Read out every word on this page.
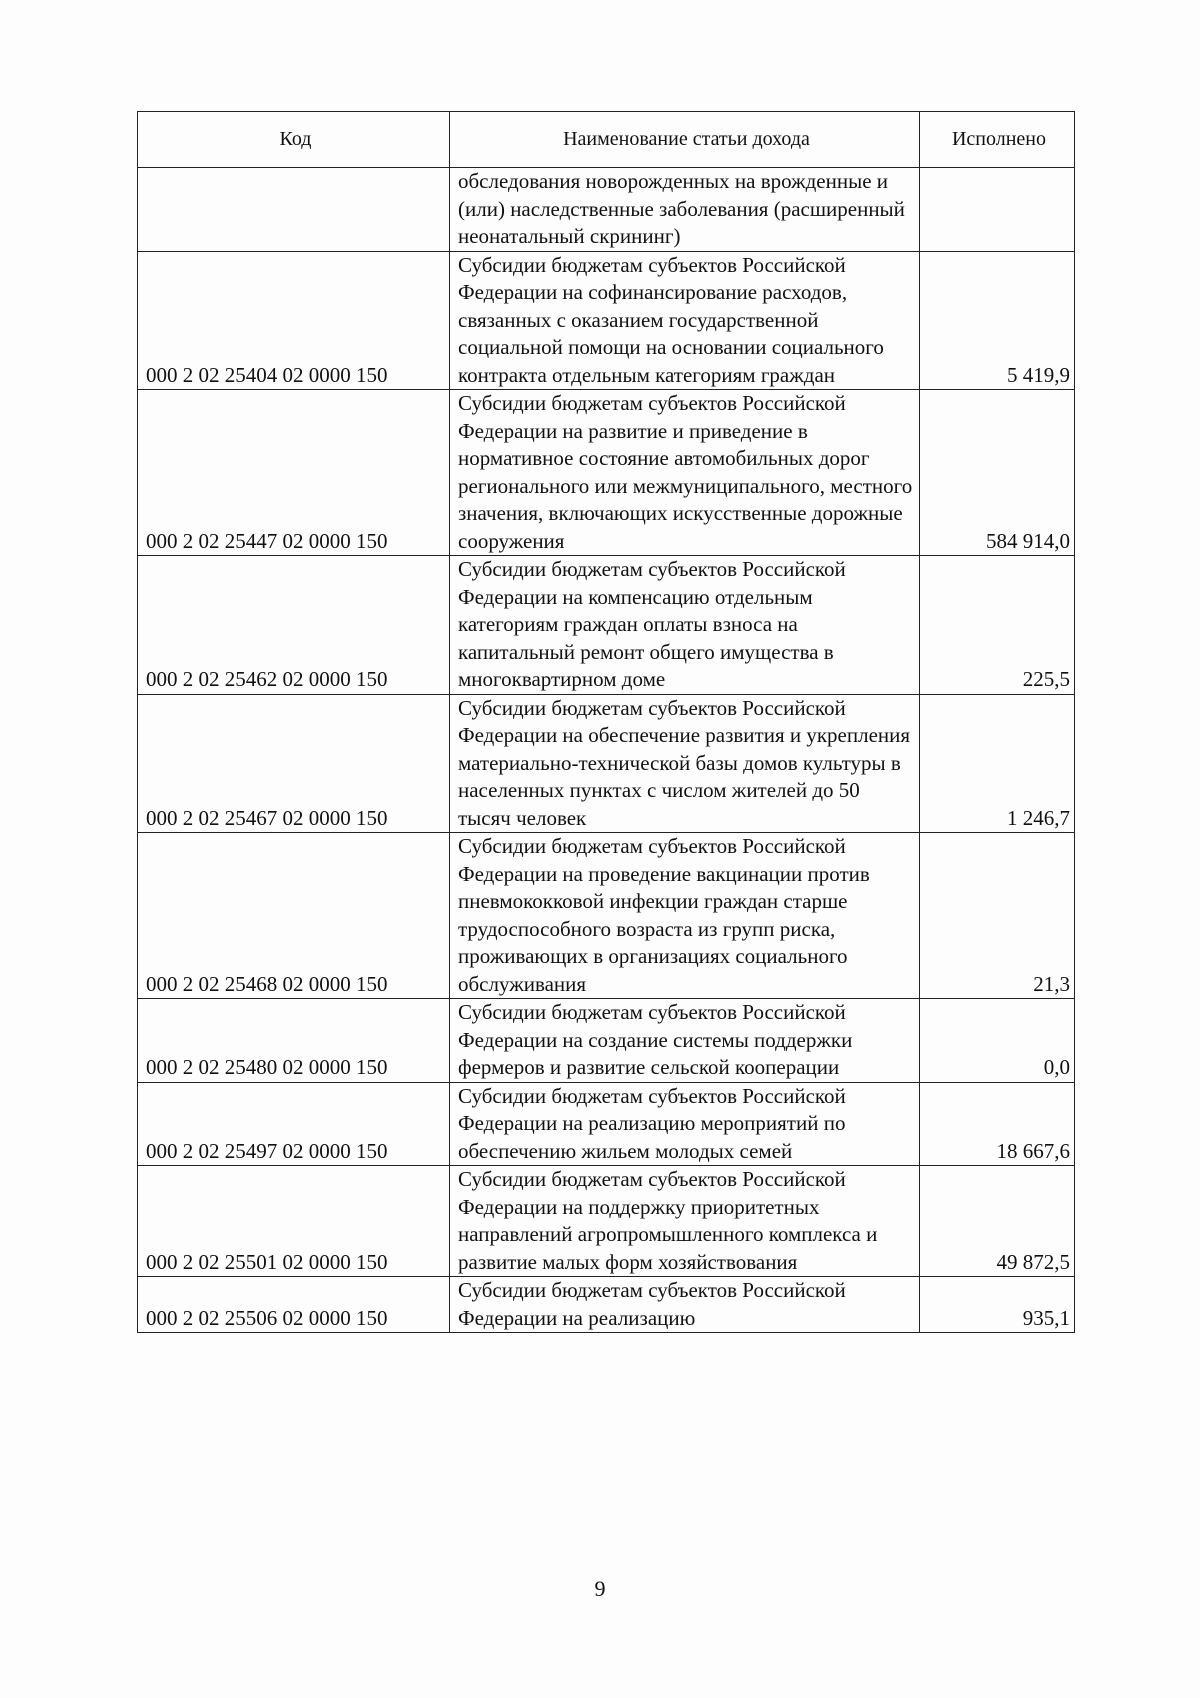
Код	Наименование статьи дохода	Исполнено
	обследования новорожденных на врожденные и (или) наследственные заболевания (расширенный неонатальный скрининг)	
000 2 02 25404 02 0000 150	Субсидии бюджетам субъектов Российской Федерации на софинансирование расходов, связанных с оказанием государственной социальной помощи на основании социального контракта отдельным категориям граждан	5 419,9
000 2 02 25447 02 0000 150	Субсидии бюджетам субъектов Российской Федерации на развитие и приведение в нормативное состояние автомобильных дорог регионального или межмуниципального, местного значения, включающих искусственные дорожные сооружения	584 914,0
000 2 02 25462 02 0000 150	Субсидии бюджетам субъектов Российской Федерации на компенсацию отдельным категориям граждан оплаты взноса на капитальный ремонт общего имущества в многоквартирном доме	225,5
000 2 02 25467 02 0000 150	Субсидии бюджетам субъектов Российской Федерации на обеспечение развития и укрепления материально-технической базы домов культуры в населенных пунктах с числом жителей до 50 тысяч человек	1 246,7
000 2 02 25468 02 0000 150	Субсидии бюджетам субъектов Российской Федерации на проведение вакцинации против пневмококковой инфекции граждан старше трудоспособного возраста из групп риска, проживающих в организациях социального обслуживания	21,3
000 2 02 25480 02 0000 150	Субсидии бюджетам субъектов Российской Федерации на создание системы поддержки фермеров и развитие сельской кооперации	0,0
000 2 02 25497 02 0000 150	Субсидии бюджетам субъектов Российской Федерации на реализацию мероприятий по обеспечению жильем молодых семей	18 667,6
000 2 02 25501 02 0000 150	Субсидии бюджетам субъектов Российской Федерации на поддержку приоритетных направлений агропромышленного комплекса и развитие малых форм хозяйствования	49 872,5
000 2 02 25506 02 0000 150	Субсидии бюджетам субъектов Российской Федерации на реализацию	935,1
9
